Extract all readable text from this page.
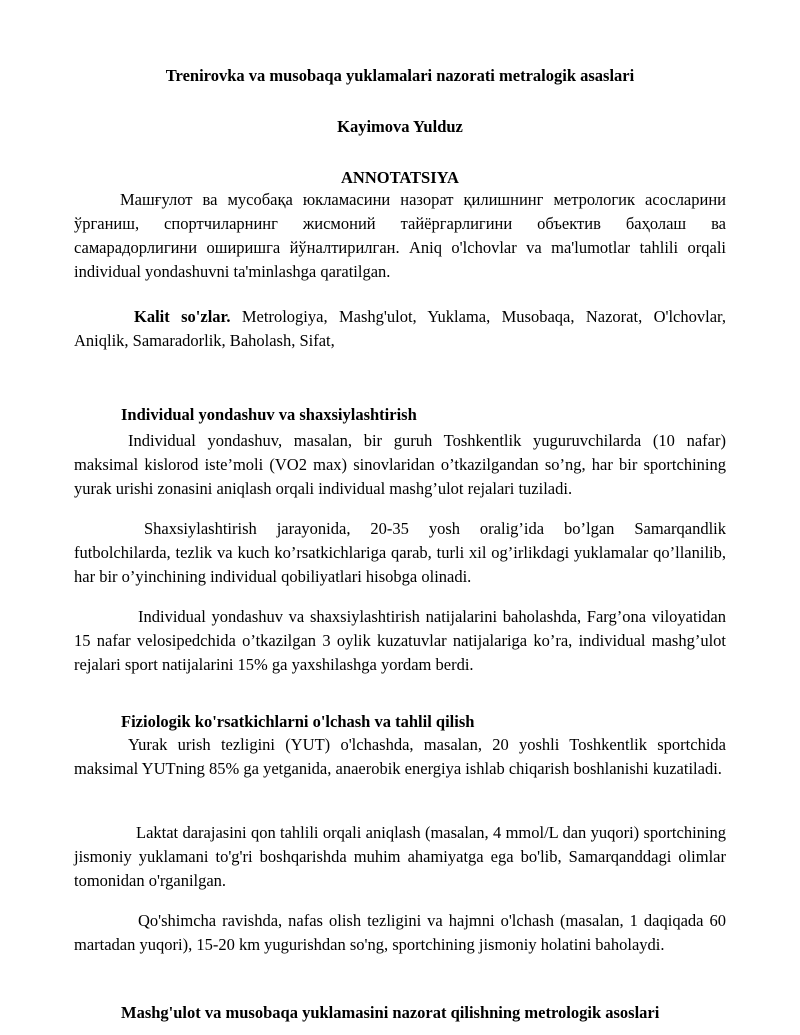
Trenirovka va musobaqa yuklamalari nazorati metralogik asaslari

Kayimova Yulduz

ANNOTATSIYA

Машғулот ва мусобақа юкламасини назорат қилишнинг метрологик асосларини ўрганиш, спортчиларнинг жисмоний тайёргарлигини объектив баҳолаш ва самарадорлигини оширишга йўналтирилган. Aniq o'lchovlar va ma'lumotlar tahlili orqali individual yondashuvni ta'minlashga qaratilgan.

Kalit so'zlar. Metrologiya, Mashg'ulot, Yuklama, Musobaqa, Nazorat, O'lchovlar, Aniqlik, Samaradorlik, Baholash, Sifat,

Individual yondashuv va shaxsiylashtirish

Individual yondashuv, masalan, bir guruh Toshkentlik yuguruvchilarda (10 nafar) maksimal kislorod iste’moli (VO2 max) sinovlaridan o’tkazilgandan so’ng, har bir sportchining yurak urishi zonasini aniqlash orqali individual mashg’ulot rejalari tuziladi.

Shaxsiylashtirish jarayonida, 20-35 yosh oralig’ida bo’lgan Samarqandlik futbolchilarda, tezlik va kuch ko’rsatkichlariga qarab, turli xil og’irlikdagi yuklamalar qo’llanilib, har bir o’yinchining individual qobiliyatlari hisobga olinadi.

Individual yondashuv va shaxsiylashtirish natijalarini baholashda, Farg’ona viloyatidan 15 nafar velosipedchida o’tkazilgan 3 oylik kuzatuvlar natijalariga ko’ra, individual mashg’ulot rejalari sport natijalarini 15% ga yaxshilashga yordam berdi.

Fiziologik ko'rsatkichlarni o'lchash va tahlil qilish

Yurak urish tezligini (YUT) o'lchashda, masalan, 20 yoshli Toshkentlik sportchida maksimal YUTning 85% ga yetganida, anaerobik energiya ishlab chiqarish boshlanishi kuzatiladi.

Laktat darajasini qon tahlili orqali aniqlash (masalan, 4 mmol/L dan yuqori) sportchining jismoniy yuklamani to'g'ri boshqarishda muhim ahamiyatga ega bo'lib, Samarqanddagi olimlar tomonidan o'rganilgan.

Qo'shimcha ravishda, nafas olish tezligini va hajmni o'lchash (masalan, 1 daqiqada 60 martadan yuqori), 15-20 km yugurishdan so'ng, sportchining jismoniy holatini baholaydi.

Mashg'ulot va musobaqa yuklamasini nazorat qilishning metrologik asoslari
